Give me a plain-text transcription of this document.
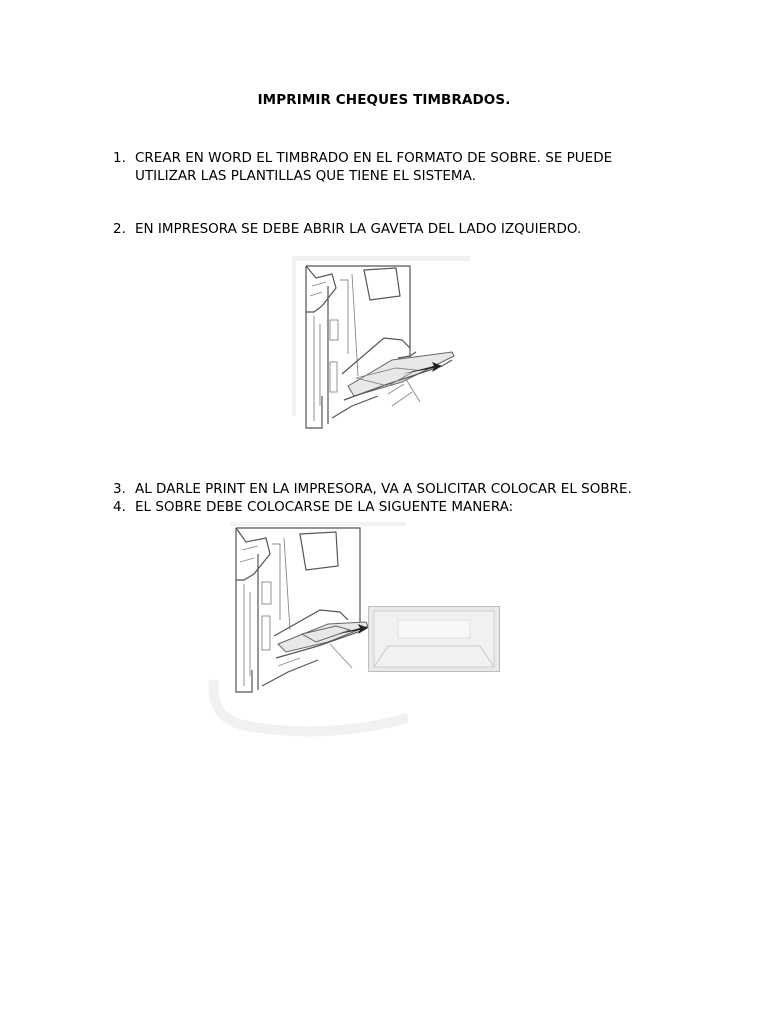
IMPRIMIR CHEQUES TIMBRADOS.
1. CREAR EN WORD EL TIMBRADO EN EL FORMATO DE SOBRE. SE PUEDE
UTILIZAR LAS PLANTILLAS QUE TIENE EL SISTEMA.
2. EN IMPRESORA SE DEBE ABRIR LA GAVETA DEL LADO IZQUIERDO.
3. AL DARLE PRINT EN LA IMPRESORA, VA A SOLICITAR COLOCAR EL SOBRE.
4. EL SOBRE DEBE COLOCARSE DE LA SIGUENTE MANERA:
